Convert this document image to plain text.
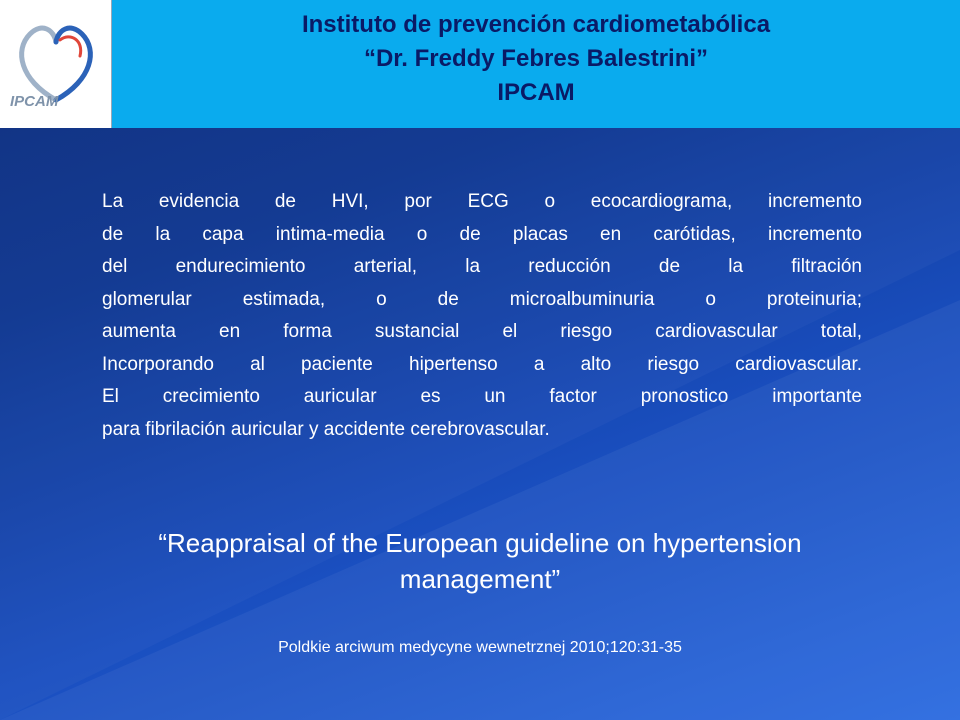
IPCAM
Instituto de prevención cardiometabólica
“Dr. Freddy Febres Balestrini”
IPCAM
La evidencia de HVI, por ECG o ecocardiograma, incremento
de la capa intima-media o de placas en carótidas, incremento
del endurecimiento arterial, la reducción de la filtración
glomerular estimada, o de microalbuminuria o proteinuria;
aumenta en forma sustancial el riesgo cardiovascular total,
Incorporando al paciente hipertenso a alto riesgo cardiovascular.
El crecimiento auricular es un factor pronostico importante
para fibrilación auricular y accidente cerebrovascular.
“Reappraisal of the European guideline on hypertension
management”
Poldkie arciwum medycyne wewnetrznej 2010;120:31-35
